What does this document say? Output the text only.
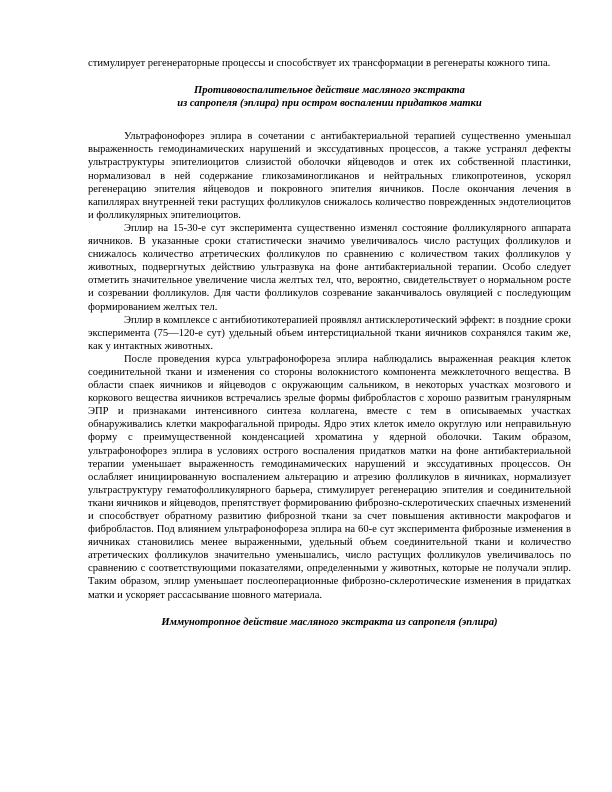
стимулирует регенераторные процессы и способствует их трансформации в регенераты кожного типа.

Противовоспалительное действие масляного экстракта

из сапропеля (эплира) при остром воспалении придатков матки

Ультрафонофорез эплира в сочетании с антибактериальной терапией существенно уменьшал выраженность гемодинамических нарушений и экссудативных процессов, а также устранял дефекты ультраструктуры эпителиоцитов слизистой оболочки яйцеводов и отек их собственной пластинки, нормализовал в ней содержание гликозаминогликанов и нейтральных гликопротеинов, ускорял регенерацию эпителия яйцеводов и покровного эпителия яичников. После окончания лечения в капиллярах внутренней теки растущих фолликулов снижалось количество поврежденных эндотелиоцитов и фолликулярных эпителиоцитов.

Эплир на 15-30-е сут эксперимента существенно изменял состояние фолликулярного аппарата яичников. В указанные сроки статистически значимо увеличивалось число растущих фолликулов и снижалось количество атретических фолликулов по сравнению с количеством таких фолликулов у животных, подвергнутых действию ультразвука на фоне антибактериальной терапии. Особо следует отметить значительное увеличение числа желтых тел, что, вероятно, свидетельствует о нормальном росте и созревании фолликулов. Для части фолликулов созревание заканчивалось овуляцией с последующим формированием желтых тел.

Эплир в комплексе с антибиотикотерапией проявлял антисклеротический эффект: в поздние сроки эксперимента (75—120-е сут) удельный объем интерстициальной ткани яичников сохранялся таким же, как у интактных животных.

После проведения курса ультрафонофореза эплира наблюдались выраженная реакция клеток соединительной ткани и изменения со стороны волокнистого компонента межклеточного вещества. В области спаек яичников и яйцеводов с окружающим сальником, в некоторых участках мозгового и коркового вещества яичников встречались зрелые формы фибробластов с хорошо развитым гранулярным ЭПР и признаками интенсивного синтеза коллагена, вместе с тем в описываемых участках обнаруживались клетки макрофагальной природы. Ядро этих клеток имело округлую или неправильную форму с преимущественной конденсацией хроматина у ядерной оболочки. Таким образом, ультрафонофорез эплира в условиях острого воспаления придатков матки на фоне антибактериальной терапии уменьшает выраженность гемодинамических нарушений и экссудативных процессов. Он ослабляет инициированную воспалением альтерацию и атрезию фолликулов в яичниках, нормализует ультраструктуру гематофолликулярного барьера, стимулирует регенерацию эпителия и соединительной ткани яичников и яйцеводов, препятствует формированию фиброзно-склеротических спаечных изменений и способствует обратному развитию фиброзной ткани за счет повышения активности макрофагов и фибробластов. Под влиянием ультрафонофореза эплира на 60-е сут эксперимента фиброзные изменения в яичниках становились менее выраженными, удельный объем соединительной ткани и количество атретических фолликулов значительно уменьшались, число растущих фолликулов увеличивалось по сравнению с соответствующими показателями, определенными у животных, которые не получали эплир. Таким образом, эплир уменьшает послеоперационные фиброзно-склеротические изменения в придатках матки и ускоряет рассасывание шовного материала.

Иммунотропное действие масляного экстракта из сапропеля (эплира)
